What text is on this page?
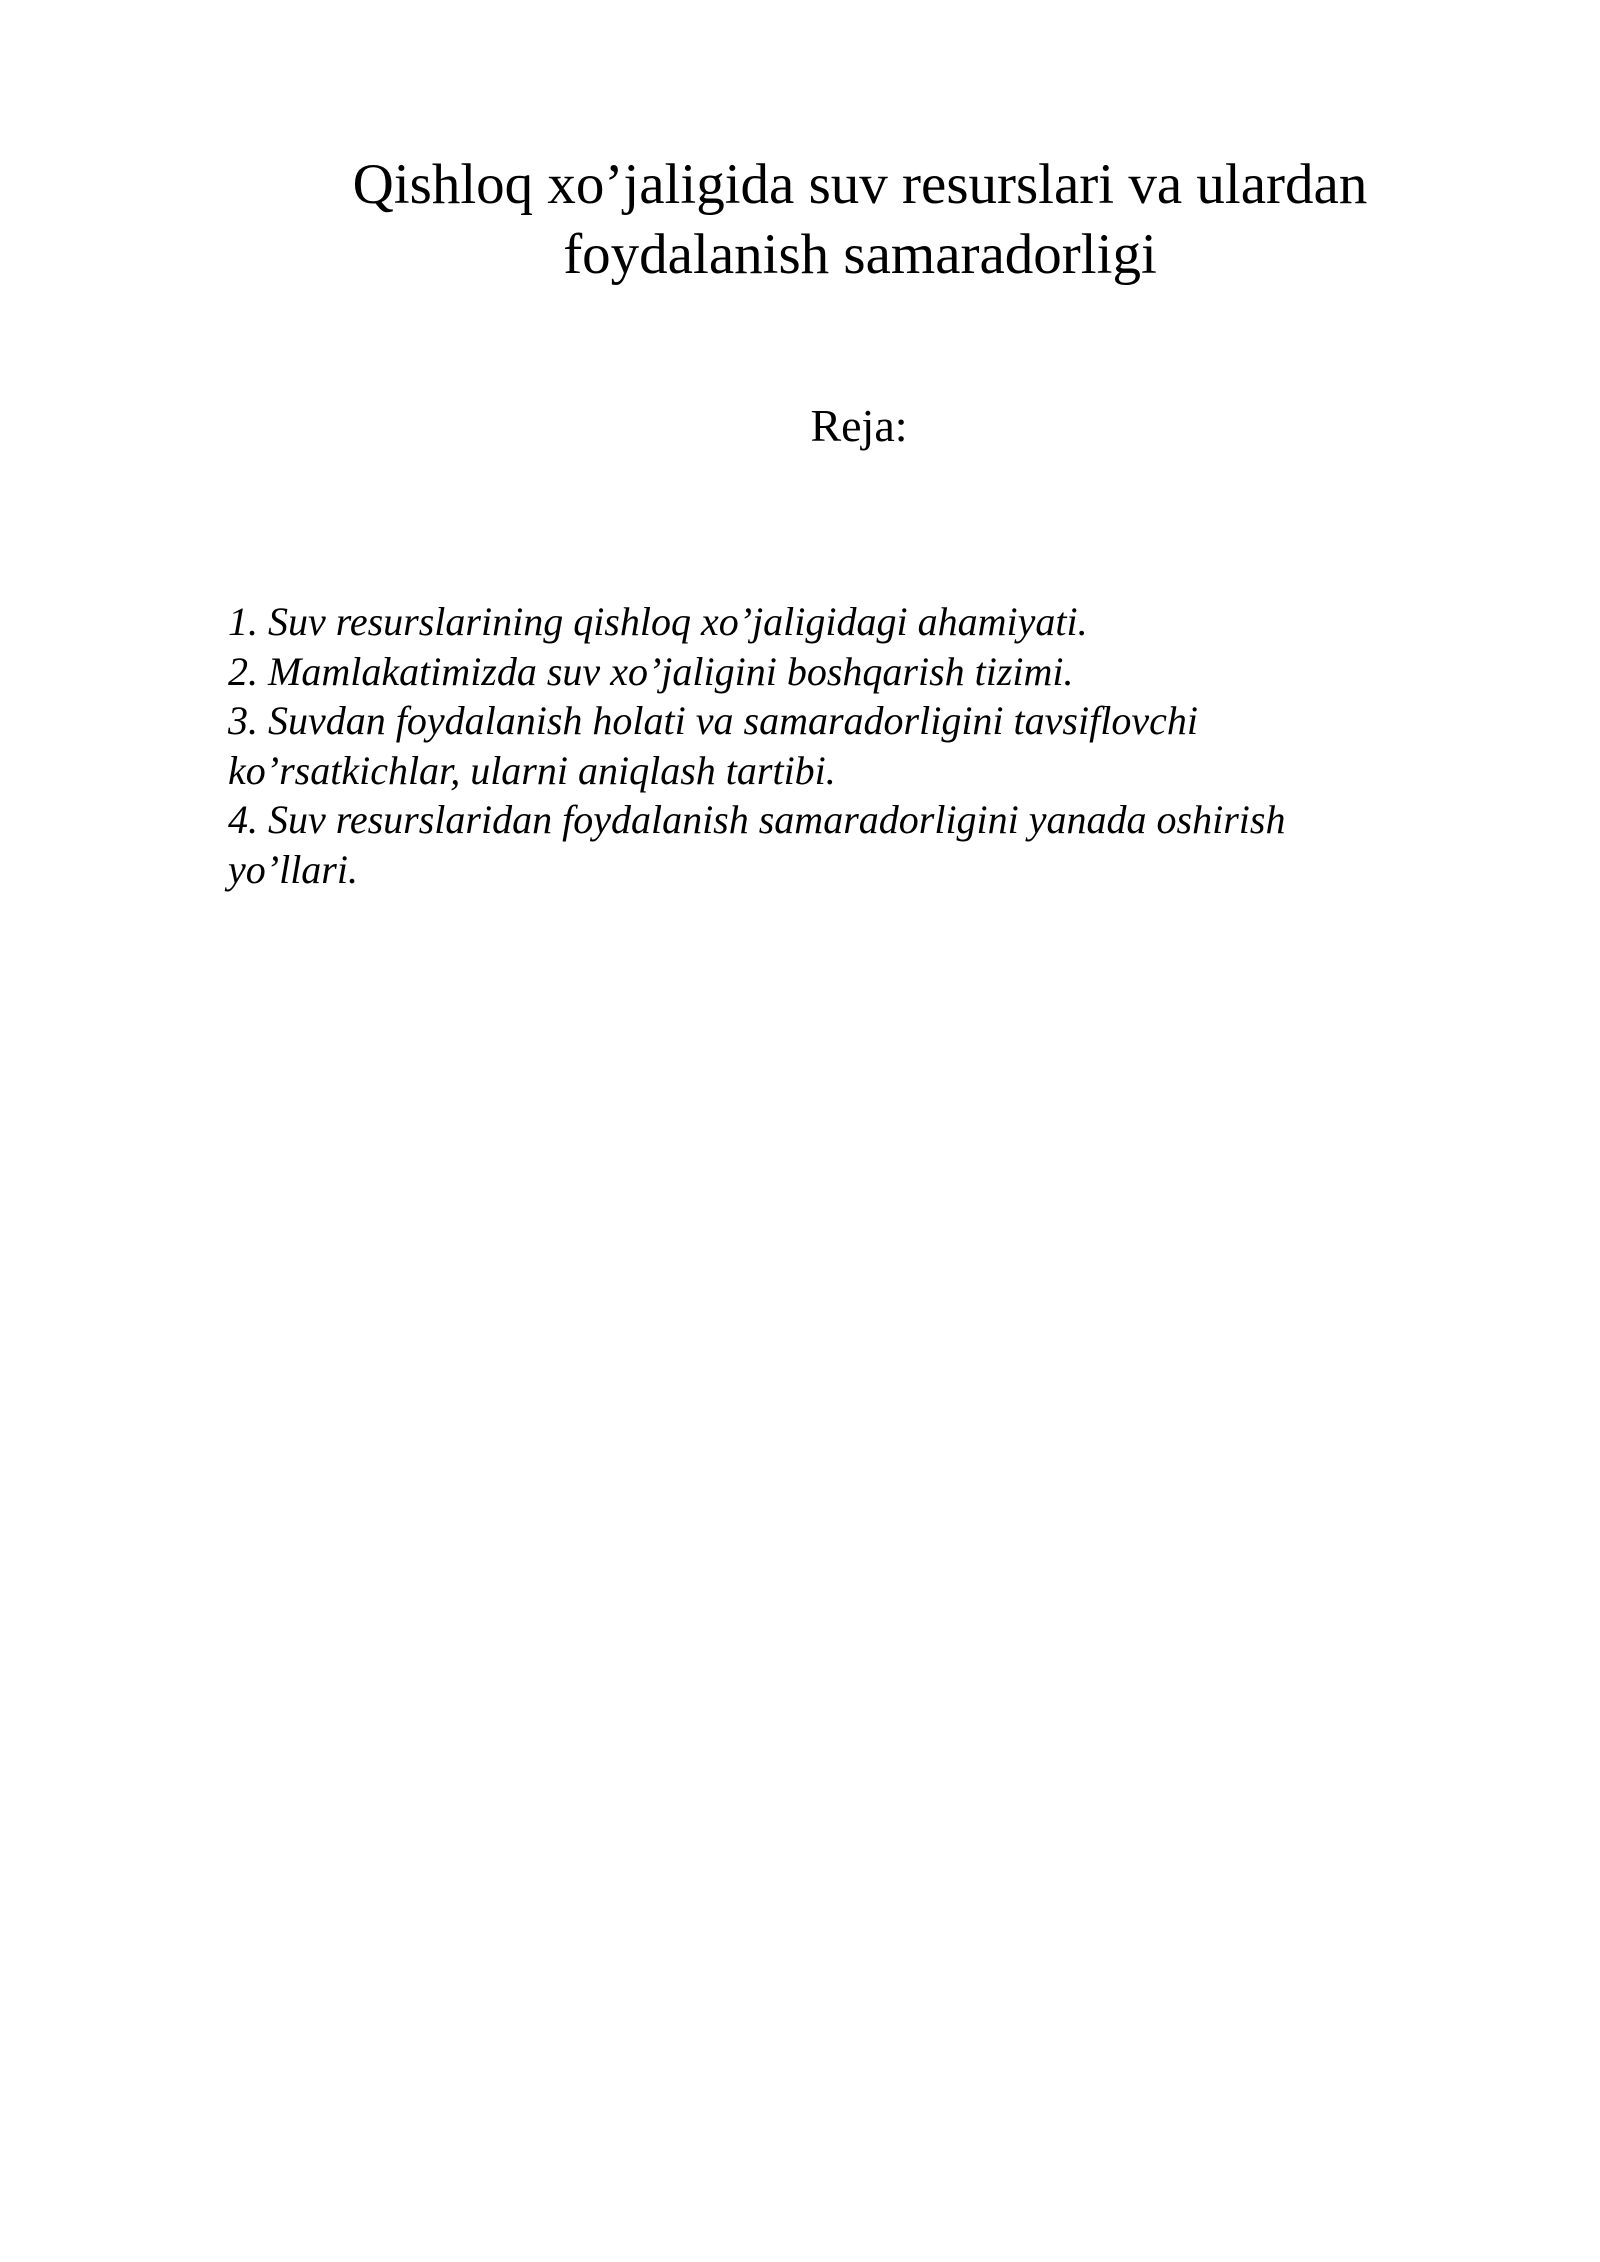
Qishloq xo’jaligida suv resurslari va ulardan
foydalanish samaradorligi
Reja:
1. Suv resurslarining qishloq xo’jaligidagi ahamiyati.
2. Mamlakatimizda suv xo’jaligini boshqarish tizimi.
3. Suvdan foydalanish holati va samaradorligini tavsiflovchi
ko’rsatkichlar, ularni aniqlash tartibi.
4. Suv resurslaridan foydalanish samaradorligini yanada oshirish
yo’llari.
